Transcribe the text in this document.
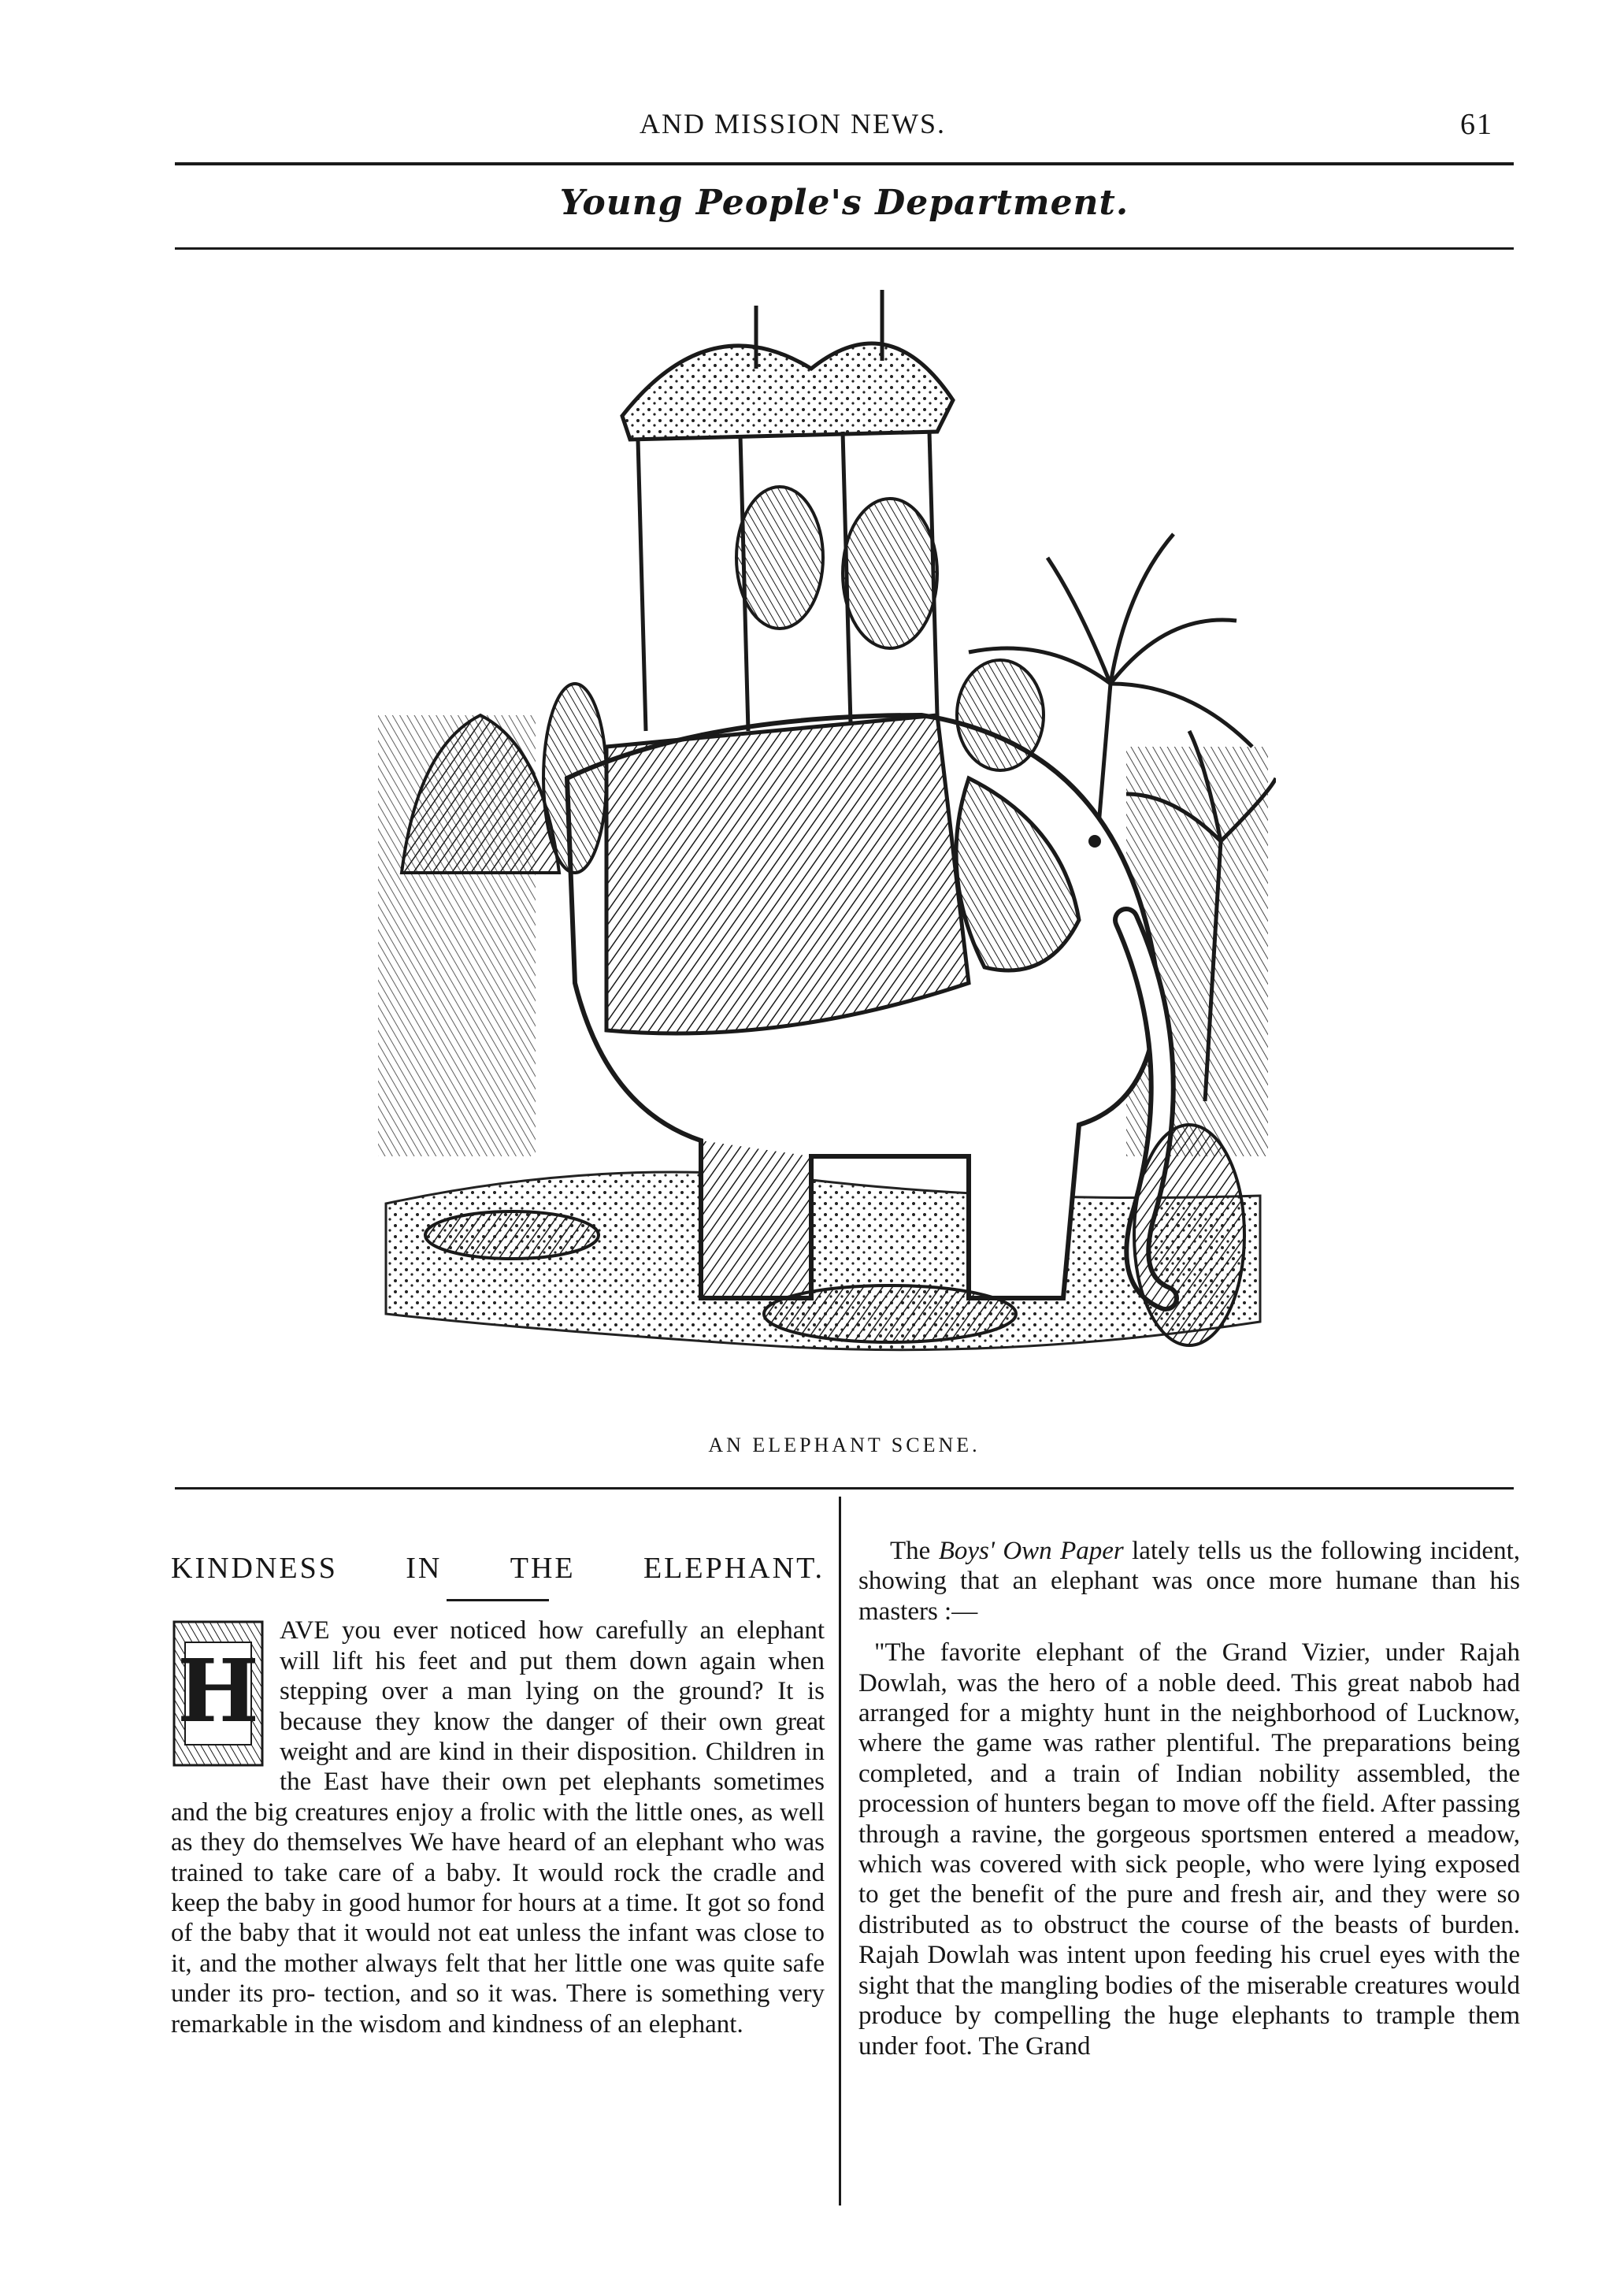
AND MISSION NEWS.	61
Young People's Department.
AN ELEPHANT SCENE.
KINDNESS IN THE ELEPHANT.
H
AVE you ever noticed how carefully an elephant will lift his feet and put them down again when stepping over a man lying on the ground? It is because they know the danger of their own great weight and are kind in their disposition. Children in the East have their own pet elephants sometimes and the big creatures enjoy a frolic with the little ones, as well as they do themselves We have heard of an elephant who was trained to take care of a baby. It would rock the cradle and keep the baby in good humor for hours at a time. It got so fond of the baby that it would not eat unless the infant was close to it, and the mother always felt that her little one was quite safe under its pro- tection, and so it was. There is something very remarkable in the wisdom and kindness of an elephant.

The Boys' Own Paper lately tells us the following incident, showing that an elephant was once more humane than his masters :—

"The favorite elephant of the Grand Vizier, under Rajah Dowlah, was the hero of a noble deed. This great nabob had arranged for a mighty hunt in the neighborhood of Lucknow, where the game was rather plentiful. The preparations being completed, and a train of Indian nobility assembled, the procession of hunters began to move off the field. After passing through a ravine, the gorgeous sportsmen entered a meadow, which was covered with sick people, who were lying exposed to get the benefit of the pure and fresh air, and they were so distributed as to obstruct the course of the beasts of burden. Rajah Dowlah was intent upon feeding his cruel eyes with the sight that the mangling bodies of the miserable creatures would produce by compelling the huge elephants to trample them under foot. The Grand
